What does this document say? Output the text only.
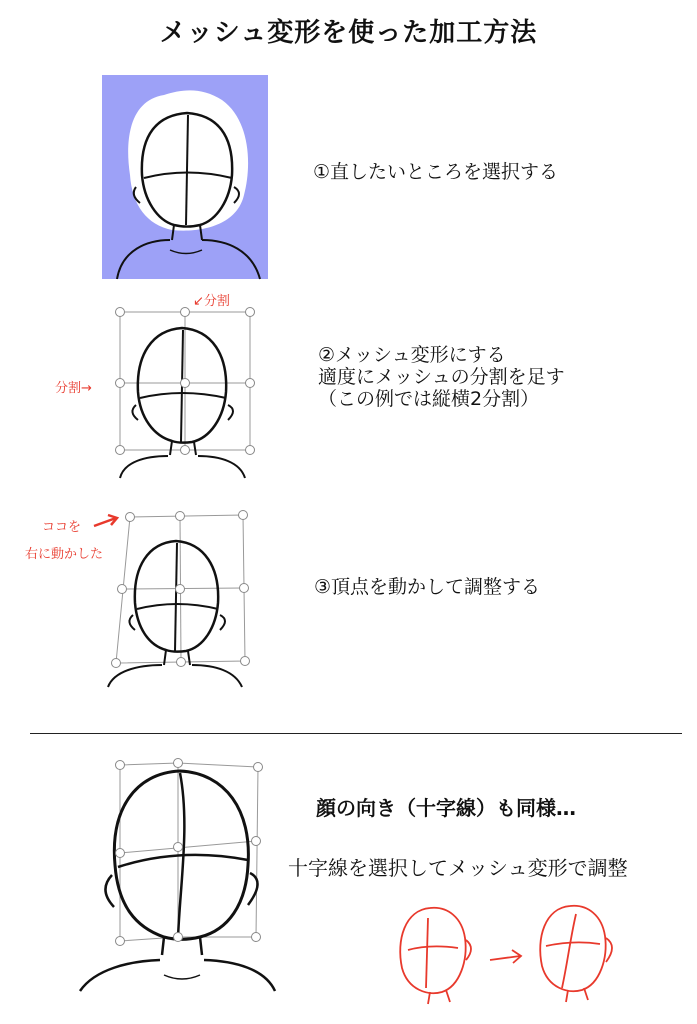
メッシュ変形を使った加工方法
①直したいところを選択する
↙分割
分割→
②メッシュ変形にする
適度にメッシュの分割を足す
（この例では縦横2分割）
ココを
右に動かした
③頂点を動かして調整する
顔の向き（十字線）も同様…
十字線を選択してメッシュ変形で調整
